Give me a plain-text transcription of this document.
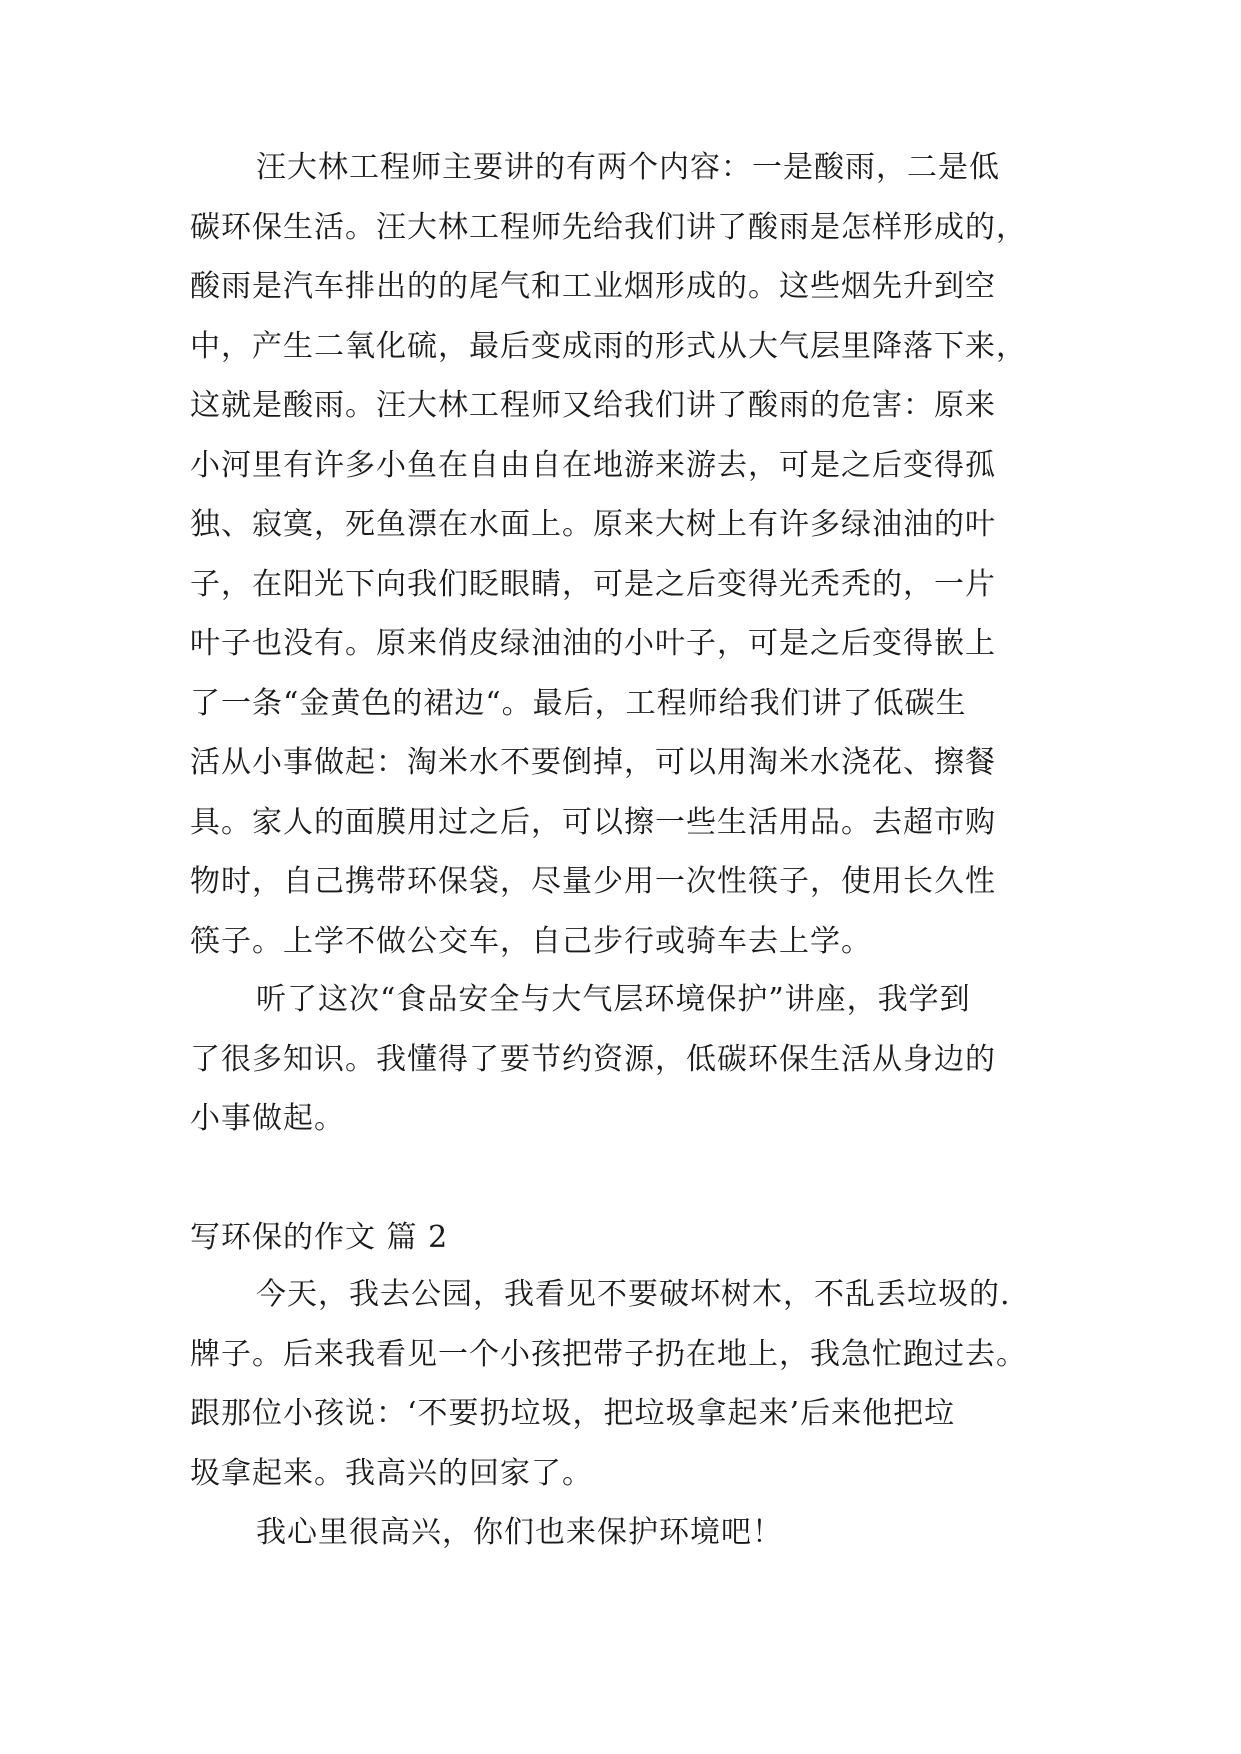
汪大林工程师主要讲的有两个内容：一是酸雨，二是低
碳环保生活。汪大林工程师先给我们讲了酸雨是怎样形成的，
酸雨是汽车排出的的尾气和工业烟形成的。这些烟先升到空
中，产生二氧化硫，最后变成雨的形式从大气层里降落下来，
这就是酸雨。汪大林工程师又给我们讲了酸雨的危害：原来
小河里有许多小鱼在自由自在地游来游去，可是之后变得孤
独、寂寞，死鱼漂在水面上。原来大树上有许多绿油油的叶
子，在阳光下向我们眨眼睛，可是之后变得光秃秃的，一片
叶子也没有。原来俏皮绿油油的小叶子，可是之后变得嵌上
了一条“金黄色的裙边“。最后，工程师给我们讲了低碳生
活从小事做起：淘米水不要倒掉，可以用淘米水浇花、擦餐
具。家人的面膜用过之后，可以擦一些生活用品。去超市购
物时，自己携带环保袋，尽量少用一次性筷子，使用长久性
筷子。上学不做公交车，自己步行或骑车去上学。
听了这次“食品安全与大气层环境保护”讲座，我学到
了很多知识。我懂得了要节约资源，低碳环保生活从身边的
小事做起。
写环保的作文 篇 2
今天，我去公园，我看见不要破坏树木，不乱丢垃圾的.
牌子。后来我看见一个小孩把带子扔在地上，我急忙跑过去。
跟那位小孩说：‘不要扔垃圾，把垃圾拿起来’后来他把垃
圾拿起来。我高兴的回家了。
我心里很高兴，你们也来保护环境吧！
